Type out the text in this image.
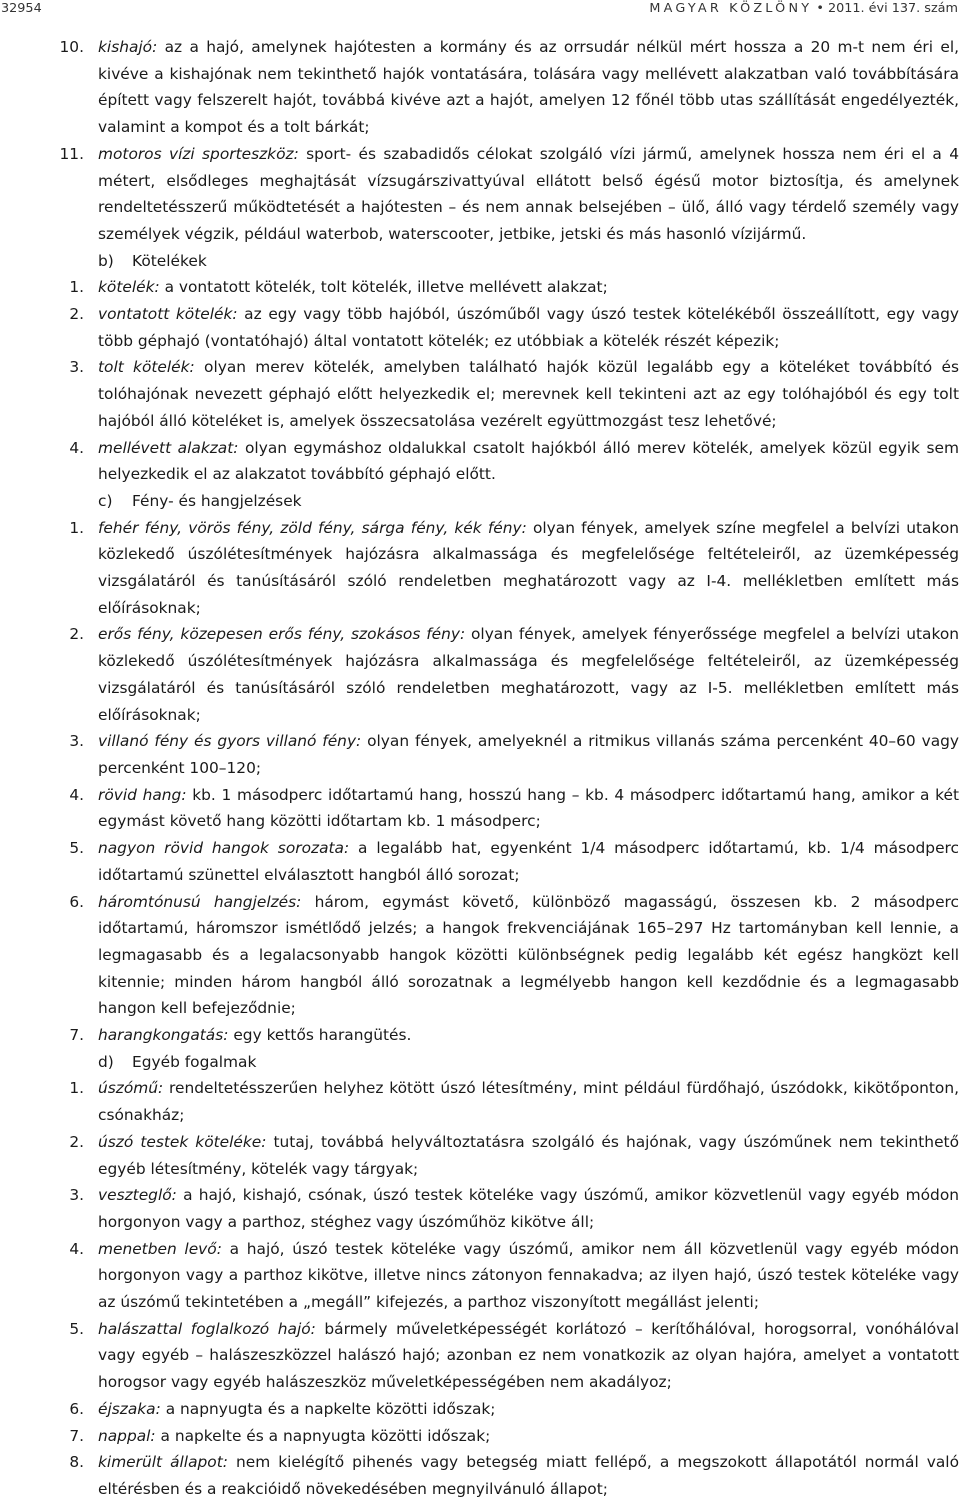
32954	MAGYAR KÖZLÖNY • 2011. évi 137. szám
10. kishajó: az a hajó, amelynek hajótesten a kormány és az orrsudár nélkül mért hossza a 20 m-t nem éri el, kivéve a kishajónak nem tekinthető hajók vontatására, tolására vagy mellévett alakzatban való továbbítására épített vagy felszerelt hajót, továbbá kivéve azt a hajót, amelyen 12 főnél több utas szállítását engedélyezték, valamint a kompot és a tolt bárkát;
11. motoros vízi sporteszköz: sport- és szabadidős célokat szolgáló vízi jármű, amelynek hossza nem éri el a 4 métert, elsődleges meghajtását vízsugárszivattyúval ellátott belső égésű motor biztosítja, és amelynek rendeltetésszerű működtetését a hajótesten – és nem annak belsejében – ülő, álló vagy térdelő személy vagy személyek végzik, például waterbob, waterscooter, jetbike, jetski és más hasonló vízijármű.
b) Kötelékek
1. kötelék: a vontatott kötelék, tolt kötelék, illetve mellévett alakzat;
2. vontatott kötelék: az egy vagy több hajóból, úszóműből vagy úszó testek kötelékéből összeállított, egy vagy több géphajó (vontatóhajó) által vontatott kötelék; ez utóbbiak a kötelék részét képezik;
3. tolt kötelék: olyan merev kötelék, amelyben található hajók közül legalább egy a köteléket továbbító és tolóhajónak nevezett géphajó előtt helyezkedik el; merevnek kell tekinteni azt az egy tolóhajóból és egy tolt hajóból álló köteléket is, amelyek összecsatolása vezérelt együttmozgást tesz lehetővé;
4. mellévett alakzat: olyan egymáshoz oldalukkal csatolt hajókból álló merev kötelék, amelyek közül egyik sem helyezkedik el az alakzatot továbbító géphajó előtt.
c) Fény- és hangjelzések
1. fehér fény, vörös fény, zöld fény, sárga fény, kék fény: olyan fények, amelyek színe megfelel a belvízi utakon közlekedő úszólétesítmények hajózásra alkalmassága és megfelelősége feltételeiről, az üzemképesség vizsgálatáról és tanúsításáról szóló rendeletben meghatározott vagy az I-4. mellékletben említett más előírásoknak;
2. erős fény, közepesen erős fény, szokásos fény: olyan fények, amelyek fényerőssége megfelel a belvízi utakon közlekedő úszólétesítmények hajózásra alkalmassága és megfelelősége feltételeiről, az üzemképesség vizsgálatáról és tanúsításáról szóló rendeletben meghatározott, vagy az I-5. mellékletben említett más előírásoknak;
3. villanó fény és gyors villanó fény: olyan fények, amelyeknél a ritmikus villanás száma percenként 40–60 vagy percenként 100–120;
4. rövid hang: kb. 1 másodperc időtartamú hang, hosszú hang – kb. 4 másodperc időtartamú hang, amikor a két egymást követő hang közötti időtartam kb. 1 másodperc;
5. nagyon rövid hangok sorozata: a legalább hat, egyenként 1/4 másodperc időtartamú, kb. 1/4 másodperc időtartamú szünettel elválasztott hangból álló sorozat;
6. háromtónusú hangjelzés: három, egymást követő, különböző magasságú, összesen kb. 2 másodperc időtartamú, háromszor ismétlődő jelzés; a hangok frekvenciájának 165–297 Hz tartományban kell lennie, a legmagasabb és a legalacsonyabb hangok közötti különbségnek pedig legalább két egész hangközt kell kitennie; minden három hangból álló sorozatnak a legmélyebb hangon kell kezdődnie és a legmagasabb hangon kell befejeződnie;
7. harangkongatás: egy kettős harangütés.
d) Egyéb fogalmak
1. úszómű: rendeltetésszerűen helyhez kötött úszó létesítmény, mint például fürdőhajó, úszódokk, kikötőponton, csónakház;
2. úszó testek köteléke: tutaj, továbbá helyváltoztatásra szolgáló és hajónak, vagy úszóműnek nem tekinthető egyéb létesítmény, kötelék vagy tárgyak;
3. veszteglő: a hajó, kishajó, csónak, úszó testek köteléke vagy úszómű, amikor közvetlenül vagy egyéb módon horgonyon vagy a parthoz, stéghez vagy úszóműhöz kikötve áll;
4. menetben levő: a hajó, úszó testek köteléke vagy úszómű, amikor nem áll közvetlenül vagy egyéb módon horgonyon vagy a parthoz kikötve, illetve nincs zátonyon fennakadva; az ilyen hajó, úszó testek köteléke vagy az úszómű tekintetében a „megáll” kifejezés, a parthoz viszonyított megállást jelenti;
5. halászattal foglalkozó hajó: bármely műveletképességét korlátozó – kerítőhálóval, horogsorral, vonóhálóval vagy egyéb – halászeszközzel halászó hajó; azonban ez nem vonatkozik az olyan hajóra, amelyet a vontatott horogsor vagy egyéb halászeszköz műveletképességében nem akadályoz;
6. éjszaka: a napnyugta és a napkelte közötti időszak;
7. nappal: a napkelte és a napnyugta közötti időszak;
8. kimerült állapot: nem kielégítő pihenés vagy betegség miatt fellépő, a megszokott állapotától normál való eltérésben és a reakcióidő növekedésében megnyilvánuló állapot;
